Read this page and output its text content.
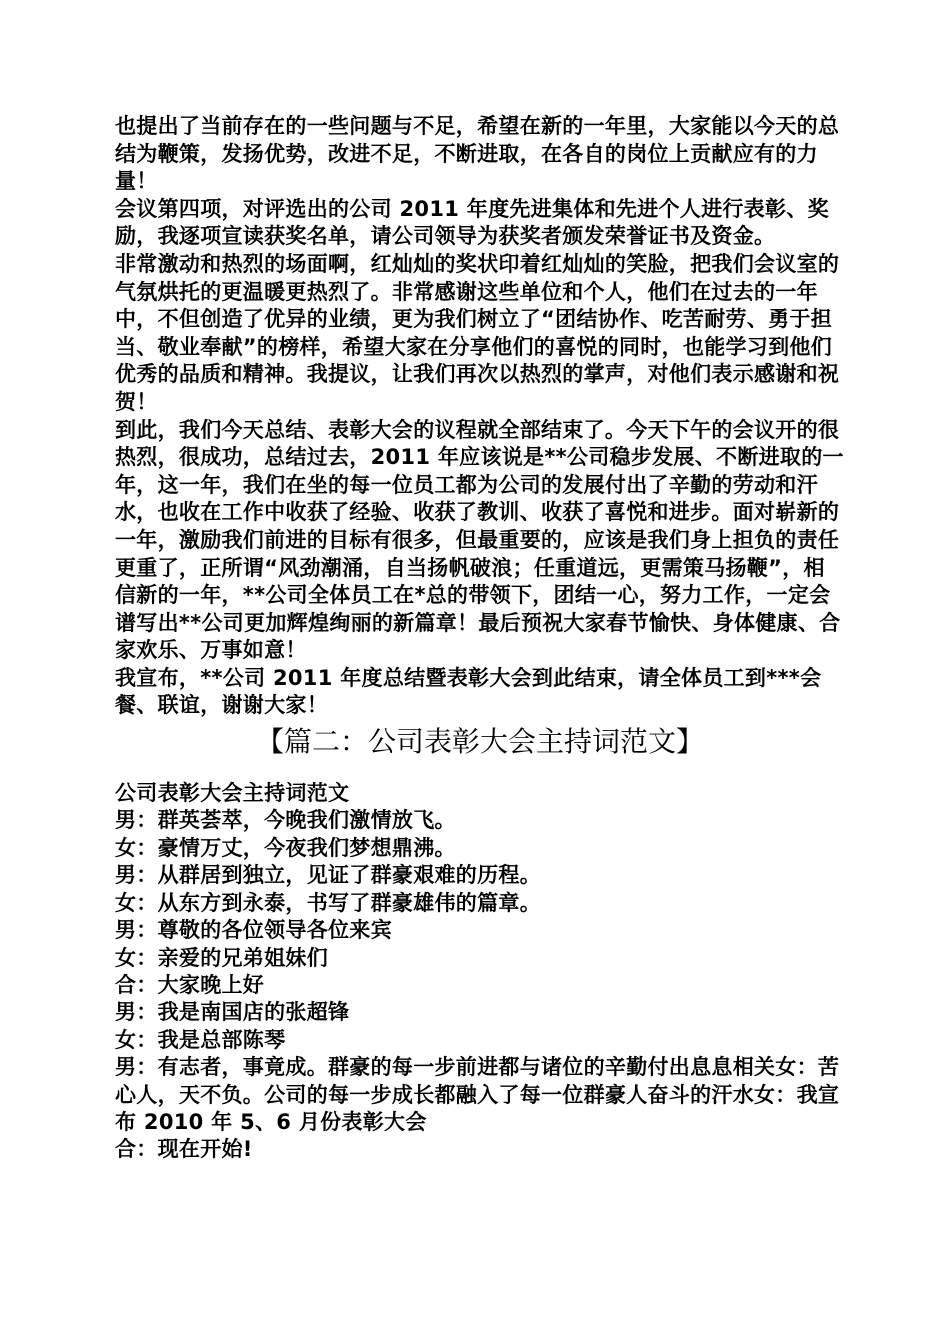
也提出了当前存在的一些问题与不足，希望在新的一年里，大家能以今天的总结为鞭策，发扬优势，改进不足，不断进取，在各自的岗位上贡献应有的力量！

会议第四项，对评选出的公司 2011 年度先进集体和先进个人进行表彰、奖励，我逐项宣读获奖名单，请公司领导为获奖者颁发荣誉证书及资金。

非常激动和热烈的场面啊，红灿灿的奖状印着红灿灿的笑脸，把我们会议室的气氛烘托的更温暖更热烈了。非常感谢这些单位和个人，他们在过去的一年中，不但创造了优异的业绩，更为我们树立了“团结协作、吃苦耐劳、勇于担当、敬业奉献”的榜样，希望大家在分享他们的喜悦的同时，也能学习到他们优秀的品质和精神。我提议，让我们再次以热烈的掌声，对他们表示感谢和祝贺！

到此，我们今天总结、表彰大会的议程就全部结束了。今天下午的会议开的很热烈，很成功，总结过去，2011 年应该说是**公司稳步发展、不断进取的一年，这一年，我们在坐的每一位员工都为公司的发展付出了辛勤的劳动和汗水，也收在工作中收获了经验、收获了教训、收获了喜悦和进步。面对崭新的一年，激励我们前进的目标有很多，但最重要的，应该是我们身上担负的责任更重了，正所谓“风劲潮涌，自当扬帆破浪；任重道远，更需策马扬鞭”，相信新的一年，**公司全体员工在*总的带领下，团结一心，努力工作，一定会谱写出**公司更加辉煌绚丽的新篇章！最后预祝大家春节愉快、身体健康、合家欢乐、万事如意！

我宣布，**公司 2011 年度总结暨表彰大会到此结束，请全体员工到***会餐、联谊，谢谢大家！

【篇二：公司表彰大会主持词范文】

公司表彰大会主持词范文

男：群英荟萃，今晚我们激情放飞。

女：豪情万丈，今夜我们梦想鼎沸。

男：从群居到独立，见证了群豪艰难的历程。

女：从东方到永泰，书写了群豪雄伟的篇章。

男：尊敬的各位领导各位来宾

女：亲爱的兄弟姐妹们

合：大家晚上好

男：我是南国店的张超锋

女：我是总部陈琴

男：有志者，事竟成。群豪的每一步前进都与诸位的辛勤付出息息相关女：苦心人，天不负。公司的每一步成长都融入了每一位群豪人奋斗的汗水女：我宣布 2010 年 5、6 月份表彰大会

合：现在开始!
